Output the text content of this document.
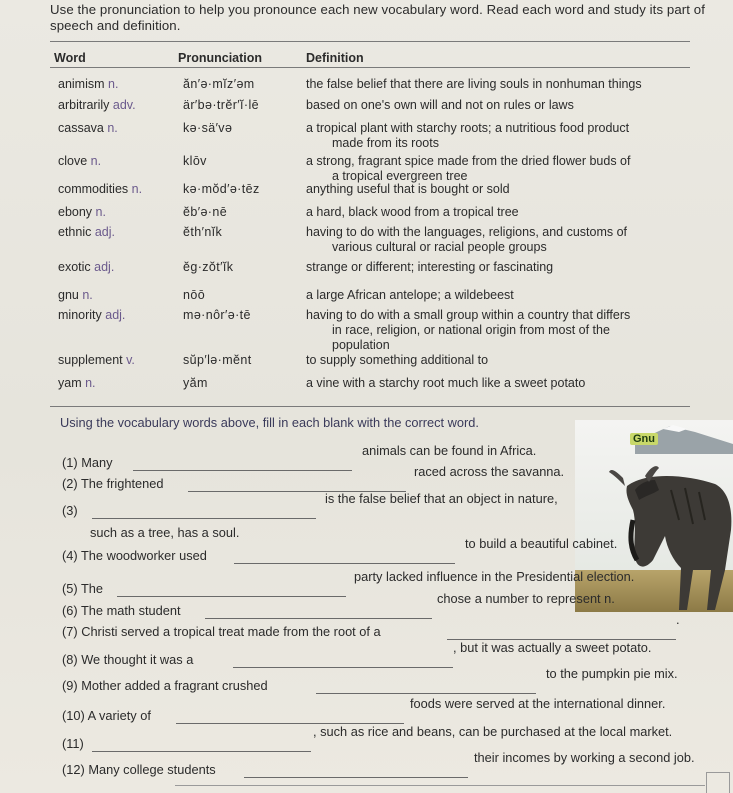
Use the pronunciation to help you pronounce each new vocabulary word. Read each word and study its part of speech and definition.
Word	Pronunciation	Definition
animism n.	ăn′ə·mĭz′əm	the false belief that there are living souls in nonhuman things
arbitrarily adv.	är′bə·trĕr′ĭ·lē	based on one's own will and not on rules or laws
cassava n.	kə·sä′və	a tropical plant with starchy roots; a nutritious food product
made from its roots
clove n.	klōv	a strong, fragrant spice made from the dried flower buds of
a tropical evergreen tree
commodities n.	kə·mŏd′ə·tēz	anything useful that is bought or sold
ebony n.	ĕb′ə·nē	a hard, black wood from a tropical tree
ethnic adj.	ĕth′nĭk	having to do with the languages, religions, and customs of
various cultural or racial people groups
exotic adj.	ĕg·zŏt′ĭk	strange or different; interesting or fascinating
gnu n.	nōō	a large African antelope; a wildebeest
minority adj.	mə·nôr′ə·tē	having to do with a small group within a country that differs
in race, religion, or national origin from most of the
population
supplement v.	sŭp′lə·mĕnt	to supply something additional to
yam n.	yăm	a vine with a starchy root much like a sweet potato
Using the vocabulary words above, fill in each blank with the correct word.
Gnu
(1) Many
animals can be found in Africa.
(2) The frightened
raced across the savanna.
(3)
is the false belief that an object in nature,
such as a tree, has a soul.
(4) The woodworker used
to build a beautiful cabinet.
(5) The
party lacked influence in the Presidential election.
(6) The math student
chose a number to represent n.
(7) Christi served a tropical treat made from the root of a
.
(8) We thought it was a
, but it was actually a sweet potato.
(9) Mother added a fragrant crushed
to the pumpkin pie mix.
(10) A variety of
foods were served at the international dinner.
(11)
, such as rice and beans, can be purchased at the local market.
(12) Many college students
their incomes by working a second job.
